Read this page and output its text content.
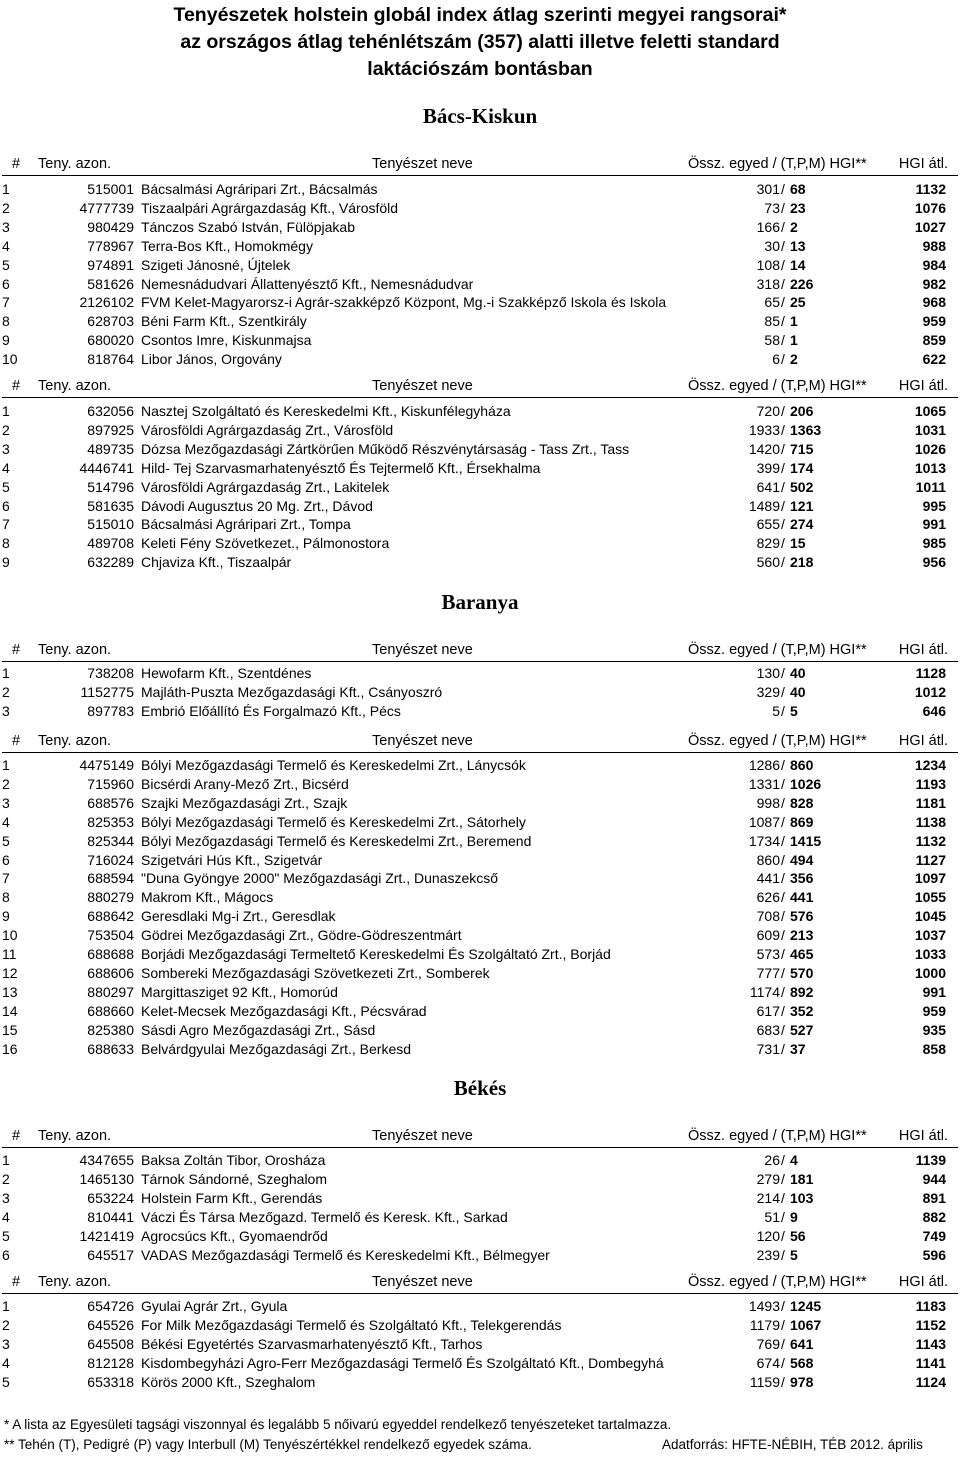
Tenyészetek holstein globál index átlag szerinti megyei rangsorai*
az országos átlag tehénlétszám (357) alatti illetve feletti standard
laktációszám bontásban
Bács-Kiskun
# Teny. azon.	Tenyészet neve	Össz. egyed / (T,P,M) HGI**	HGI átl.
1	515001 Bácsalmási Agráripari Zrt., Bácsalmás	301 / 68	1132
2	4777739 Tiszaalpári Agrárgazdaság Kft., Városföld	73 / 23	1076
3	980429 Tánczos Szabó István, Fülöpjakab	166 / 2	1027
4	778967 Terra-Bos Kft., Homokmégy	30 / 13	988
5	974891 Szigeti Jánosné, Újtelek	108 / 14	984
6	581626 Nemesnádudvari Állattenyésztő Kft., Nemesnádudvar	318 / 226	982
7	2126102 FVM Kelet-Magyarorsz-i Agrár-szakképző Központ, Mg.-i Szakképző Iskola és Iskola	65 / 25	968
8	628703 Béni Farm Kft., Szentkirály	85 / 1	959
9	680020 Csontos Imre, Kiskunmajsa	58 / 1	859
10	818764 Libor János, Orgovány	6 / 2	622
# Teny. azon.	Tenyészet neve	Össz. egyed / (T,P,M) HGI**	HGI átl.
1	632056 Nasztej Szolgáltató és Kereskedelmi Kft., Kiskunfélegyháza	720 / 206	1065
2	897925 Városföldi Agrárgazdaság Zrt., Városföld	1933 / 1363	1031
3	489735 Dózsa Mezőgazdasági Zártkörűen Működő Részvénytársaság - Tass Zrt., Tass	1420 / 715	1026
4	4446741 Hild- Tej Szarvasmarhatenyésztő És Tejtermelő Kft., Érsekhalma	399 / 174	1013
5	514796 Városföldi Agrárgazdaság Zrt., Lakitelek	641 / 502	1011
6	581635 Dávodi Augusztus 20 Mg. Zrt., Dávod	1489 / 121	995
7	515010 Bácsalmási Agráripari Zrt., Tompa	655 / 274	991
8	489708 Keleti Fény Szövetkezet., Pálmonostora	829 / 15	985
9	632289 Chjaviza Kft., Tiszaalpár	560 / 218	956
Baranya
# Teny. azon.	Tenyészet neve	Össz. egyed / (T,P,M) HGI**	HGI átl.
1	738208 Hewofarm Kft., Szentdénes	130 / 40	1128
2	1152775 Majláth-Puszta Mezőgazdasági Kft., Csányoszró	329 / 40	1012
3	897783 Embrió Előállító És Forgalmazó Kft., Pécs	5 / 5	646
# Teny. azon.	Tenyészet neve	Össz. egyed / (T,P,M) HGI**	HGI átl.
1	4475149 Bólyi Mezőgazdasági Termelő és Kereskedelmi Zrt., Lánycsók	1286 / 860	1234
2	715960 Bicsérdi Arany-Mező Zrt., Bicsérd	1331 / 1026	1193
3	688576 Szajki Mezőgazdasági Zrt., Szajk	998 / 828	1181
4	825353 Bólyi Mezőgazdasági Termelő és Kereskedelmi Zrt., Sátorhely	1087 / 869	1138
5	825344 Bólyi Mezőgazdasági Termelő és Kereskedelmi Zrt., Beremend	1734 / 1415	1132
6	716024 Szigetvári Hús Kft., Szigetvár	860 / 494	1127
7	688594 "Duna Gyöngye 2000" Mezőgazdasági Zrt., Dunaszekcső	441 / 356	1097
8	880279 Makrom Kft., Mágocs	626 / 441	1055
9	688642 Geresdlaki Mg-i Zrt., Geresdlak	708 / 576	1045
10	753504 Gödrei Mezőgazdasági Zrt., Gödre-Gödreszentmárt	609 / 213	1037
11	688688 Borjádi Mezőgazdasági Termeltető Kereskedelmi És Szolgáltató Zrt., Borjád	573 / 465	1033
12	688606 Sombereki Mezőgazdasági Szövetkezeti Zrt., Somberek	777 / 570	1000
13	880297 Margittasziget 92 Kft., Homorúd	1174 / 892	991
14	688660 Kelet-Mecsek Mezőgazdasági Kft., Pécsvárad	617 / 352	959
15	825380 Sásdi Agro Mezőgazdasági Zrt., Sásd	683 / 527	935
16	688633 Belvárdgyulai Mezőgazdasági Zrt., Berkesd	731 / 37	858
Békés
# Teny. azon.	Tenyészet neve	Össz. egyed / (T,P,M) HGI**	HGI átl.
1	4347655 Baksa Zoltán Tibor, Orosháza	26 / 4	1139
2	1465130 Tárnok Sándorné, Szeghalom	279 / 181	944
3	653224 Holstein Farm Kft., Gerendás	214 / 103	891
4	810441 Váczi És Társa Mezőgazd. Termelő és Keresk. Kft., Sarkad	51 / 9	882
5	1421419 Agrocsúcs Kft., Gyomaendrőd	120 / 56	749
6	645517 VADAS Mezőgazdasági Termelő és Kereskedelmi Kft., Bélmegyer	239 / 5	596
# Teny. azon.	Tenyészet neve	Össz. egyed / (T,P,M) HGI**	HGI átl.
1	654726 Gyulai Agrár Zrt., Gyula	1493 / 1245	1183
2	645526 For Milk Mezőgazdasági Termelő és Szolgáltató Kft., Telekgerendás	1179 / 1067	1152
3	645508 Békési Egyetértés Szarvasmarhatenyésztő Kft., Tarhos	769 / 641	1143
4	812128 Kisdombegyházi Agro-Ferr Mezőgazdasági Termelő És Szolgáltató Kft., Dombegyhá	674 / 568	1141
5	653318 Körös 2000 Kft., Szeghalom	1159 / 978	1124
* A lista az Egyesületi tagsági viszonnyal és legalább 5 nőivarú egyeddel rendelkező tenyészeteket tartalmazza.
** Tehén (T), Pedigré (P) vagy Interbull (M) Tenyészértékkel rendelkező egyedek száma.	Adatforrás: HFTE-NÉBIH, TÉB 2012. április
